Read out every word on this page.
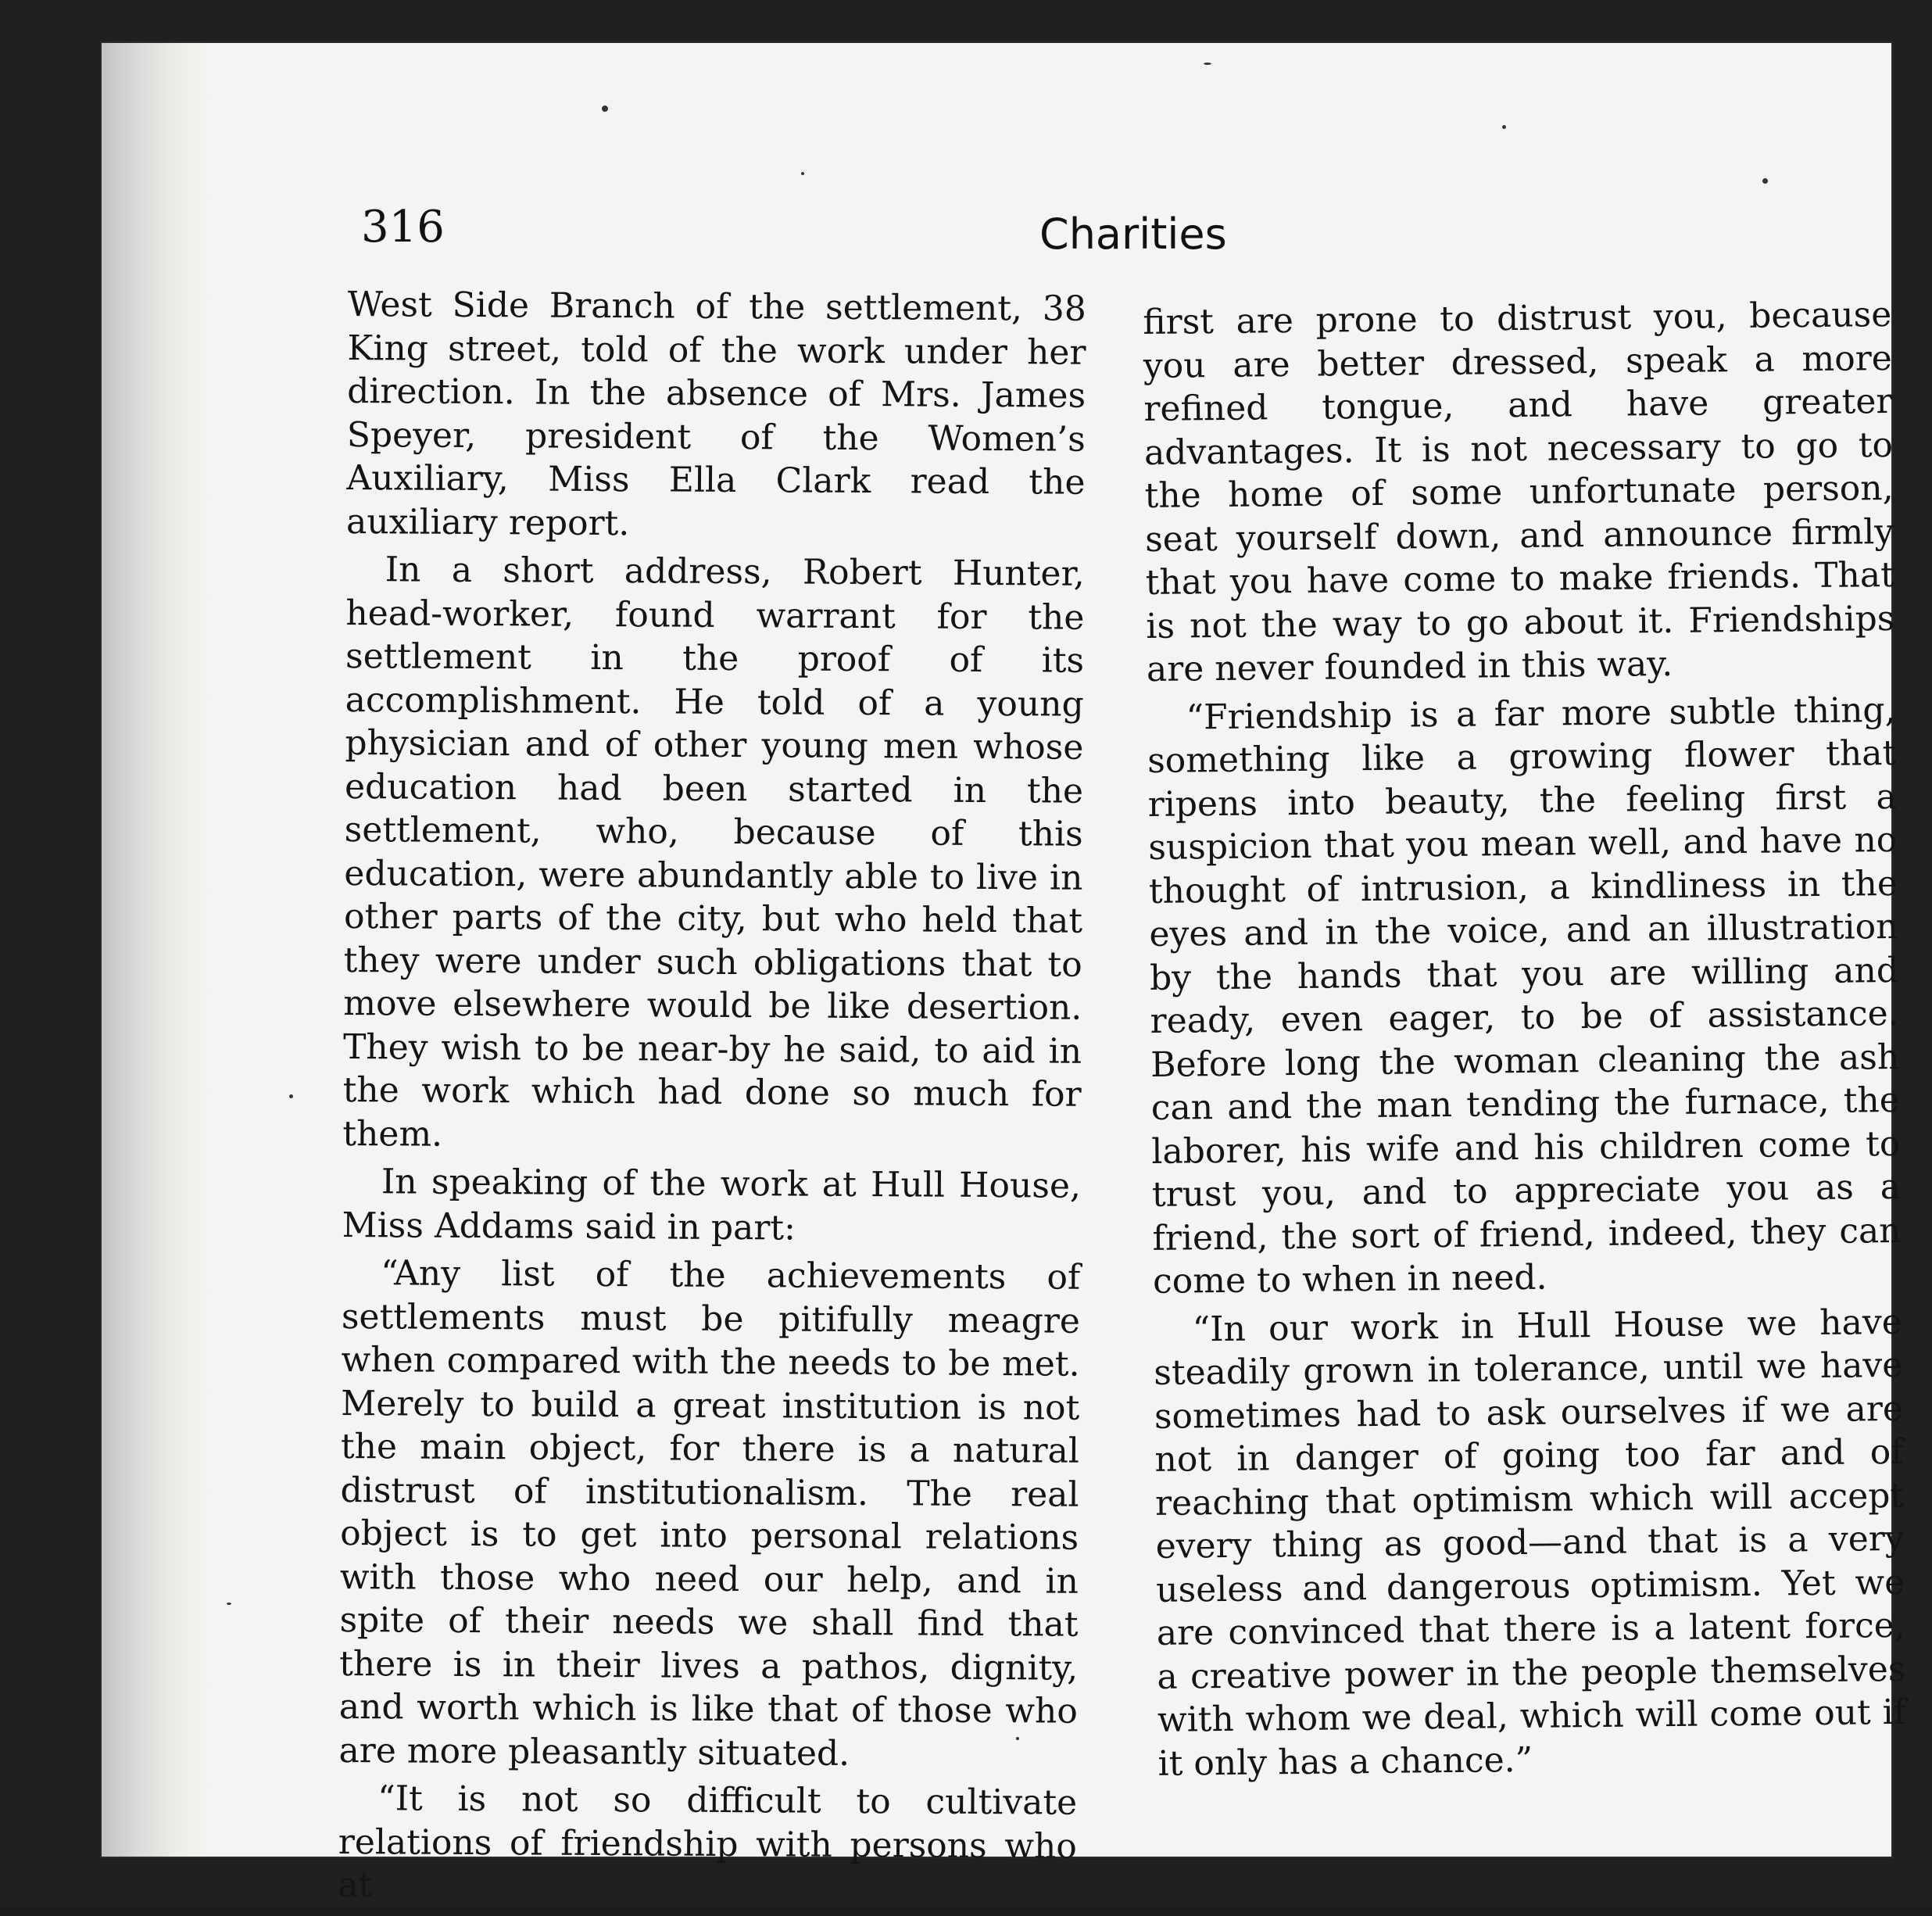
316	Charities

West Side Branch of the settlement, 38 King street, told of the work under her direction. In the absence of Mrs. James Speyer, president of the Women’s Auxiliary, Miss Ella Clark read the auxiliary report.

In a short address, Robert Hunter, head-worker, found warrant for the settlement in the proof of its accomplishment. He told of a young physician and of other young men whose education had been started in the settlement, who, because of this education, were abundantly able to live in other parts of the city, but who held that they were under such obligations that to move elsewhere would be like desertion. They wish to be near-by he said, to aid in the work which had done so much for them.

In speaking of the work at Hull House, Miss Addams said in part:

“Any list of the achievements of settlements must be pitifully meagre when compared with the needs to be met. Merely to build a great institution is not the main object, for there is a natural distrust of institutionalism. The real object is to get into personal relations with those who need our help, and in spite of their needs we shall find that there is in their lives a pathos, dignity, and worth which is like that of those who are more pleasantly situated.

“It is not so difficult to cultivate relations of friendship with persons who at

first are prone to distrust you, because you are better dressed, speak a more refined tongue, and have greater advantages. It is not necessary to go to the home of some unfortunate person, seat yourself down, and announce firmly that you have come to make friends. That is not the way to go about it. Friendships are never founded in this way.

“Friendship is a far more subtle thing, something like a growing flower that ripens into beauty, the feeling first a suspicion that you mean well, and have no thought of intrusion, a kindliness in the eyes and in the voice, and an illustration by the hands that you are willing and ready, even eager, to be of assistance. Before long the woman cleaning the ash can and the man tending the furnace, the laborer, his wife and his children come to trust you, and to appreciate you as a friend, the sort of friend, indeed, they can come to when in need.

“In our work in Hull House we have steadily grown in tolerance, until we have sometimes had to ask ourselves if we are not in danger of going too far and of reaching that optimism which will accept every thing as good—and that is a very useless and dangerous optimism. Yet we are convinced that there is a latent force, a creative power in the people themselves with whom we deal, which will come out if it only has a chance.”
